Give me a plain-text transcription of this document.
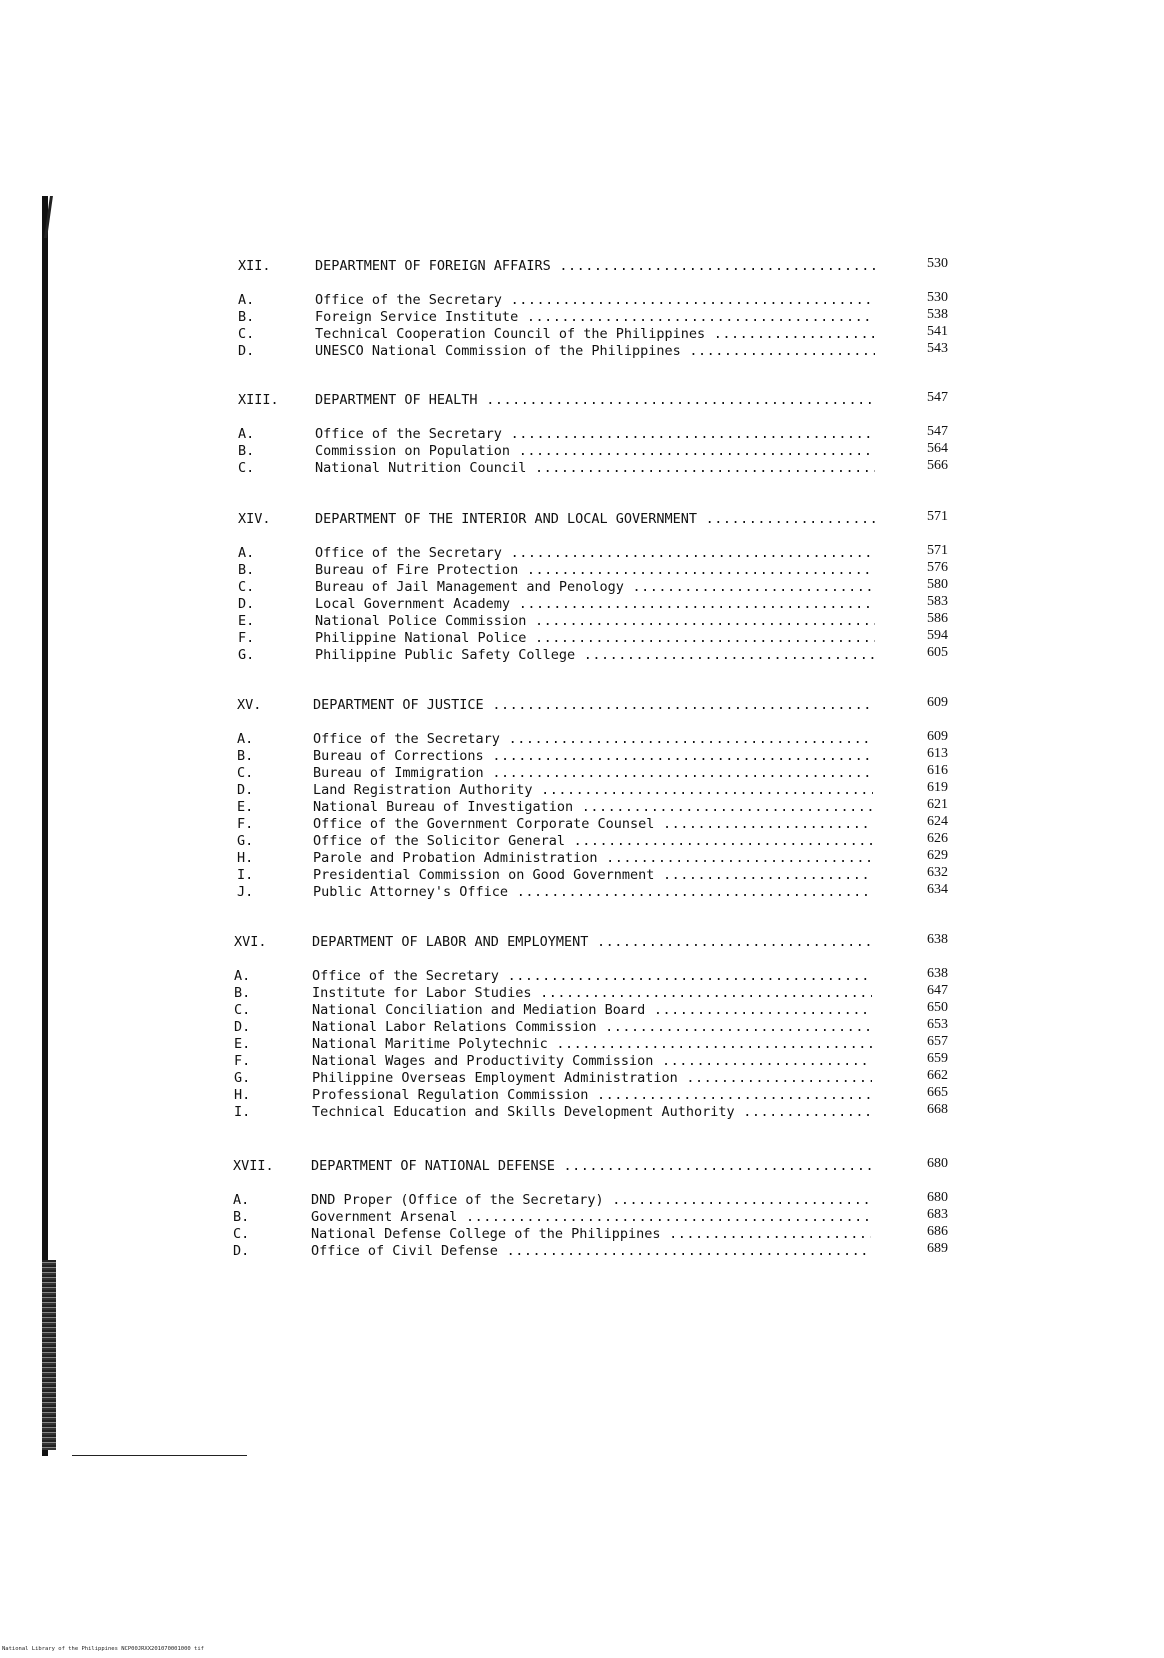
XII.	DEPARTMENT OF FOREIGN AFFAIRS .....	530
A.	Office of the Secretary .....	530
B.	Foreign Service Institute .....	538
C.	Technical Cooperation Council of the Philippines .....	541
D.	UNESCO National Commission of the Philippines .....	543
XIII.	DEPARTMENT OF HEALTH .....	547
A.	Office of the Secretary .....	547
B.	Commission on Population .....	564
C.	National Nutrition Council .....	566
XIV.	DEPARTMENT OF THE INTERIOR AND LOCAL GOVERNMENT .....	571
A.	Office of the Secretary .....	571
B.	Bureau of Fire Protection .....	576
C.	Bureau of Jail Management and Penology .....	580
D.	Local Government Academy .....	583
E.	National Police Commission .....	586
F.	Philippine National Police .....	594
G.	Philippine Public Safety College .....	605
XV.	DEPARTMENT OF JUSTICE .....	609
A.	Office of the Secretary .....	609
B.	Bureau of Corrections .....	613
C.	Bureau of Immigration .....	616
D.	Land Registration Authority .....	619
E.	National Bureau of Investigation .....	621
F.	Office of the Government Corporate Counsel .....	624
G.	Office of the Solicitor General .....	626
H.	Parole and Probation Administration .....	629
I.	Presidential Commission on Good Government .....	632
J.	Public Attorney's Office .....	634
XVI.	DEPARTMENT OF LABOR AND EMPLOYMENT .....	638
A.	Office of the Secretary .....	638
B.	Institute for Labor Studies .....	647
C.	National Conciliation and Mediation Board .....	650
D.	National Labor Relations Commission .....	653
E.	National Maritime Polytechnic .....	657
F.	National Wages and Productivity Commission .....	659
G.	Philippine Overseas Employment Administration .....	662
H.	Professional Regulation Commission .....	665
I.	Technical Education and Skills Development Authority .....	668
XVII.	DEPARTMENT OF NATIONAL DEFENSE .....	680
A.	DND Proper (Office of the Secretary) .....	680
B.	Government Arsenal .....	683
C.	National Defense College of the Philippines .....	686
D.	Office of Civil Defense .....	689
National Library of the Philippines NCP00JRXX201070001000 tif
